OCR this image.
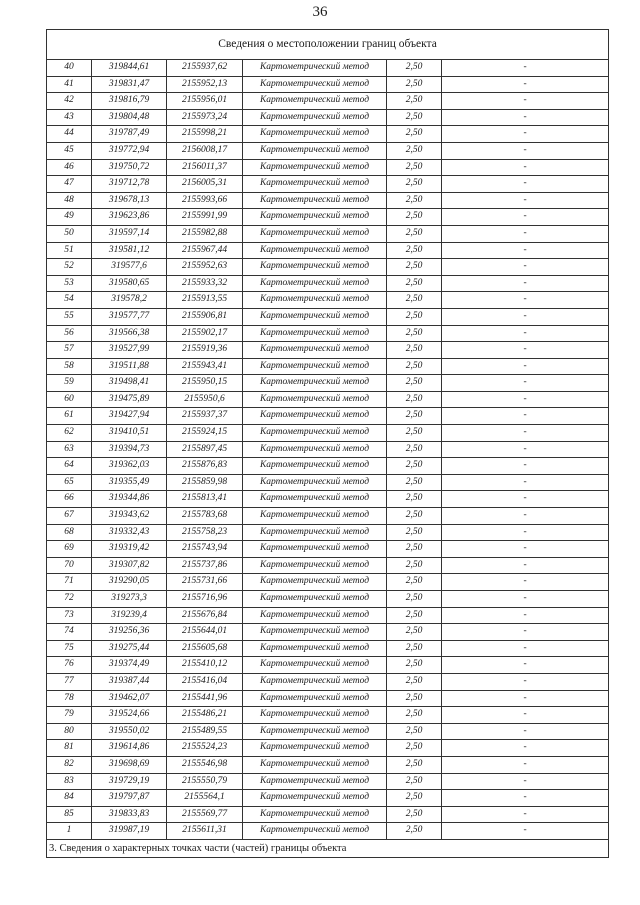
36
Сведения о местоположении границ объекта					
40	319844,61	2155937,62	Картометрический метод	2,50	-
41	319831,47	2155952,13	Картометрический метод	2,50	-
42	319816,79	2155956,01	Картометрический метод	2,50	-
43	319804,48	2155973,24	Картометрический метод	2,50	-
44	319787,49	2155998,21	Картометрический метод	2,50	-
45	319772,94	2156008,17	Картометрический метод	2,50	-
46	319750,72	2156011,37	Картометрический метод	2,50	-
47	319712,78	2156005,31	Картометрический метод	2,50	-
48	319678,13	2155993,66	Картометрический метод	2,50	-
49	319623,86	2155991,99	Картометрический метод	2,50	-
50	319597,14	2155982,88	Картометрический метод	2,50	-
51	319581,12	2155967,44	Картометрический метод	2,50	-
52	319577,6	2155952,63	Картометрический метод	2,50	-
53	319580,65	2155933,32	Картометрический метод	2,50	-
54	319578,2	2155913,55	Картометрический метод	2,50	-
55	319577,77	2155906,81	Картометрический метод	2,50	-
56	319566,38	2155902,17	Картометрический метод	2,50	-
57	319527,99	2155919,36	Картометрический метод	2,50	-
58	319511,88	2155943,41	Картометрический метод	2,50	-
59	319498,41	2155950,15	Картометрический метод	2,50	-
60	319475,89	2155950,6	Картометрический метод	2,50	-
61	319427,94	2155937,37	Картометрический метод	2,50	-
62	319410,51	2155924,15	Картометрический метод	2,50	-
63	319394,73	2155897,45	Картометрический метод	2,50	-
64	319362,03	2155876,83	Картометрический метод	2,50	-
65	319355,49	2155859,98	Картометрический метод	2,50	-
66	319344,86	2155813,41	Картометрический метод	2,50	-
67	319343,62	2155783,68	Картометрический метод	2,50	-
68	319332,43	2155758,23	Картометрический метод	2,50	-
69	319319,42	2155743,94	Картометрический метод	2,50	-
70	319307,82	2155737,86	Картометрический метод	2,50	-
71	319290,05	2155731,66	Картометрический метод	2,50	-
72	319273,3	2155716,96	Картометрический метод	2,50	-
73	319239,4	2155676,84	Картометрический метод	2,50	-
74	319256,36	2155644,01	Картометрический метод	2,50	-
75	319275,44	2155605,68	Картометрический метод	2,50	-
76	319374,49	2155410,12	Картометрический метод	2,50	-
77	319387,44	2155416,04	Картометрический метод	2,50	-
78	319462,07	2155441,96	Картометрический метод	2,50	-
79	319524,66	2155486,21	Картометрический метод	2,50	-
80	319550,02	2155489,55	Картометрический метод	2,50	-
81	319614,86	2155524,23	Картометрический метод	2,50	-
82	319698,69	2155546,98	Картометрический метод	2,50	-
83	319729,19	2155550,79	Картометрический метод	2,50	-
84	319797,87	2155564,1	Картометрический метод	2,50	-
85	319833,83	2155569,77	Картометрический метод	2,50	-
1	319987,19	2155611,31	Картометрический метод	2,50	-
3. Сведения о характерных точках части (частей) границы объекта					
